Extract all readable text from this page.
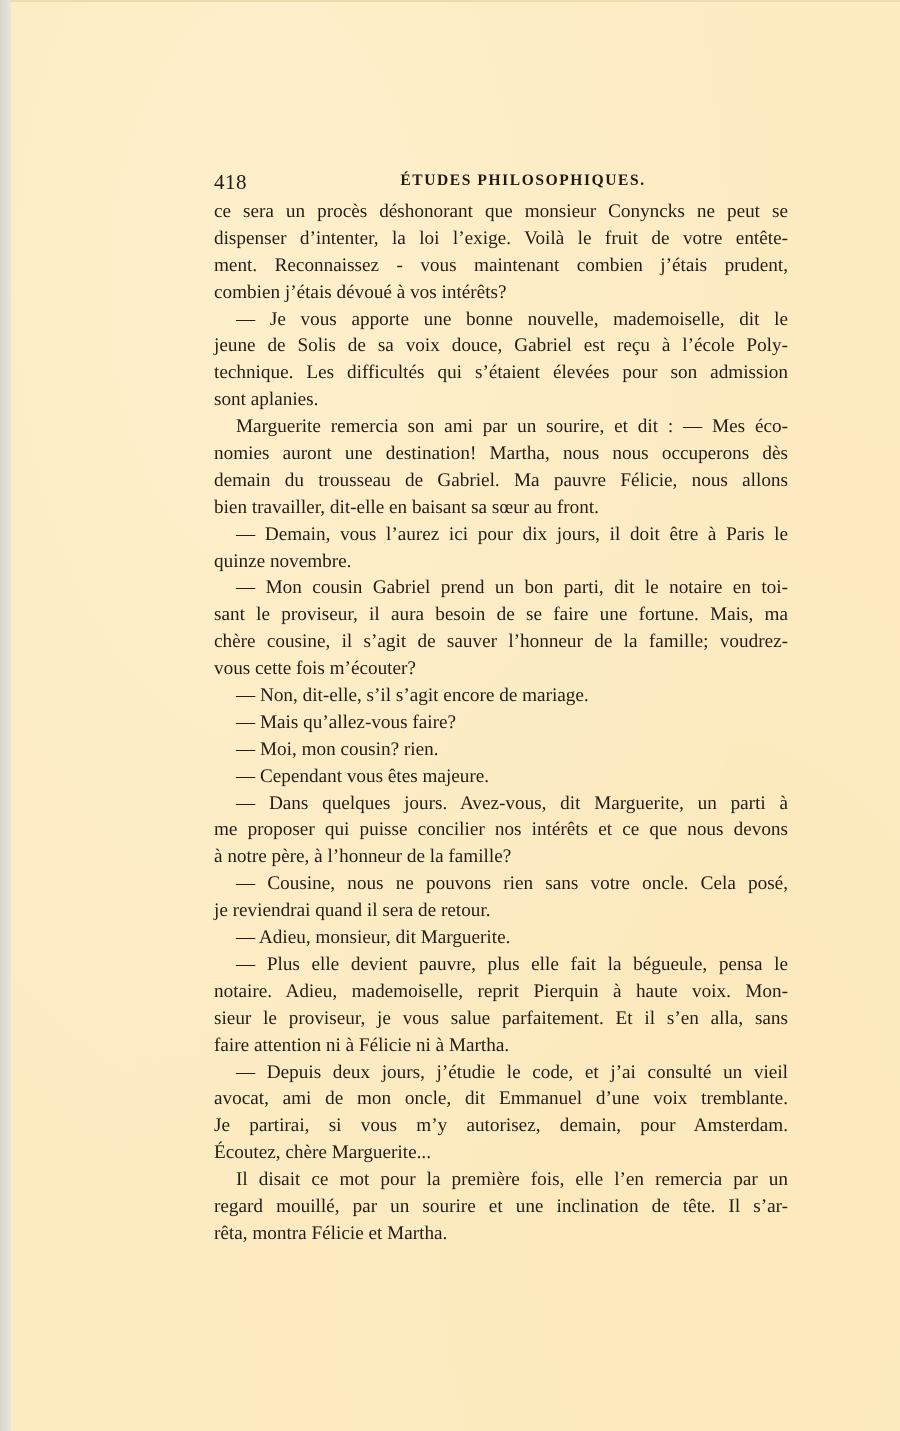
418	ÉTUDES PHILOSOPHIQUES.
ce sera un procès déshonorant que monsieur Conyncks ne peut se
dispenser d’intenter, la loi l’exige. Voilà le fruit de votre entête-
ment. Reconnaissez - vous maintenant combien j’étais prudent,
combien j’étais dévoué à vos intérêts?
— Je vous apporte une bonne nouvelle, mademoiselle, dit le
jeune de Solis de sa voix douce, Gabriel est reçu à l’école Poly-
technique. Les difficultés qui s’étaient élevées pour son admission
sont aplanies.
Marguerite remercia son ami par un sourire, et dit : — Mes éco-
nomies auront une destination! Martha, nous nous occuperons dès
demain du trousseau de Gabriel. Ma pauvre Félicie, nous allons
bien travailler, dit-elle en baisant sa sœur au front.
— Demain, vous l’aurez ici pour dix jours, il doit être à Paris le
quinze novembre.
— Mon cousin Gabriel prend un bon parti, dit le notaire en toi-
sant le proviseur, il aura besoin de se faire une fortune. Mais, ma
chère cousine, il s’agit de sauver l’honneur de la famille; voudrez-
vous cette fois m’écouter?
— Non, dit-elle, s’il s’agit encore de mariage.
— Mais qu’allez-vous faire?
— Moi, mon cousin? rien.
— Cependant vous êtes majeure.
— Dans quelques jours. Avez-vous, dit Marguerite, un parti à
me proposer qui puisse concilier nos intérêts et ce que nous devons
à notre père, à l’honneur de la famille?
— Cousine, nous ne pouvons rien sans votre oncle. Cela posé,
je reviendrai quand il sera de retour.
— Adieu, monsieur, dit Marguerite.
— Plus elle devient pauvre, plus elle fait la bégueule, pensa le
notaire. Adieu, mademoiselle, reprit Pierquin à haute voix. Mon-
sieur le proviseur, je vous salue parfaitement. Et il s’en alla, sans
faire attention ni à Félicie ni à Martha.
— Depuis deux jours, j’étudie le code, et j’ai consulté un vieil
avocat, ami de mon oncle, dit Emmanuel d’une voix tremblante.
Je partirai, si vous m’y autorisez, demain, pour Amsterdam.
Écoutez, chère Marguerite...
Il disait ce mot pour la première fois, elle l’en remercia par un
regard mouillé, par un sourire et une inclination de tête. Il s’ar-
rêta, montra Félicie et Martha.
